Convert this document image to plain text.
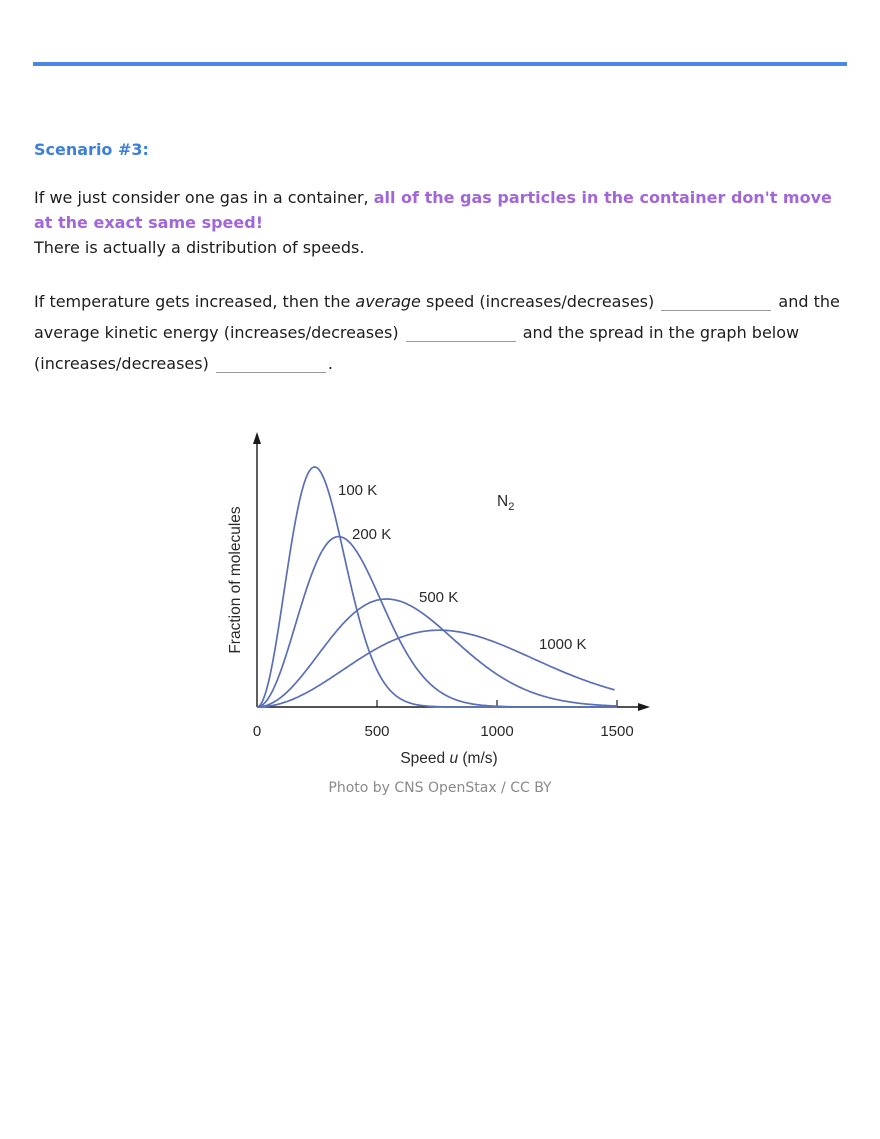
Scenario #3:
If we just consider one gas in a container, all of the gas particles in the container don't move at the exact same speed!
There is actually a distribution of speeds.
If temperature gets increased, then the average speed (increases/decreases)	and the average kinetic energy (increases/decreases)	and the spread in the graph below (increases/decreases)	.
0	500	1000	1500
Speed u (m/s)
Fraction of molecules
$N_2$
100 K
200 K
500 K
1000 K
Photo by CNS OpenStax / CC BY
